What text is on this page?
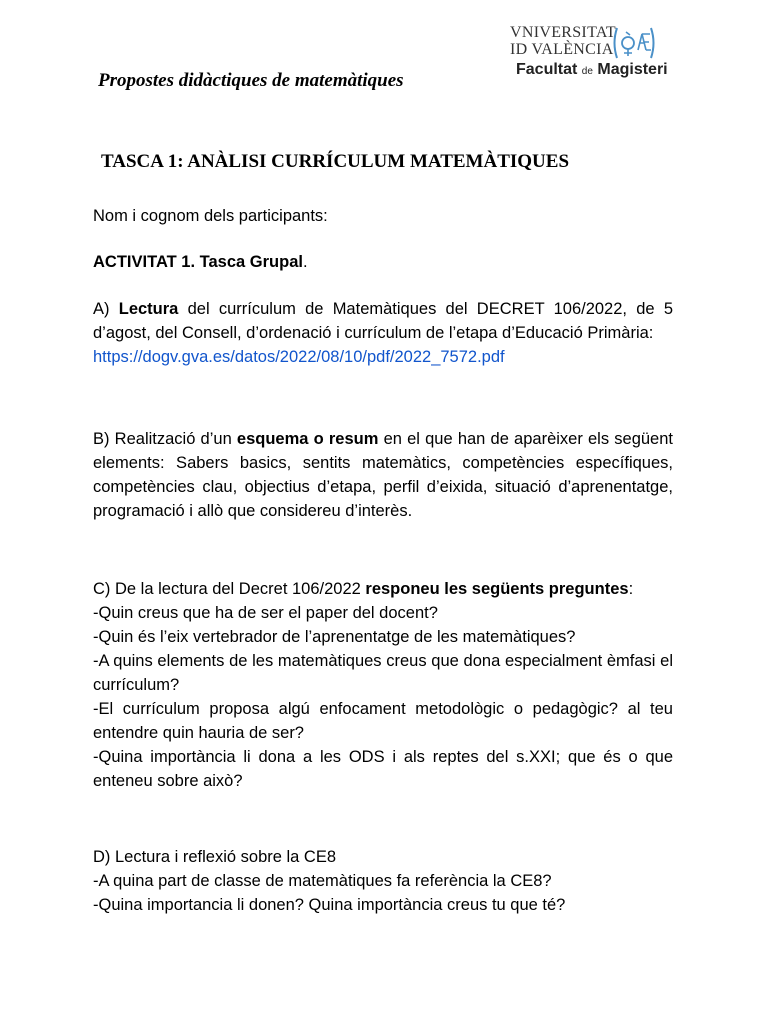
VNIVERSITAT
ID VALÈNCIA
Facultat de Magisteri
Propostes didàctiques de matemàtiques
TASCA 1: ANÀLISI CURRÍCULUM MATEMÀTIQUES
Nom i cognom dels participants:
ACTIVITAT 1. Tasca Grupal.
A) Lectura del currículum de Matemàtiques del DECRET 106/2022, de 5 d’agost, del Consell, d’ordenació i currículum de l’etapa d’Educació Primària:
https://dogv.gva.es/datos/2022/08/10/pdf/2022_7572.pdf
B) Realització d’un esquema o resum en el que han de aparèixer els següent elements: Sabers basics, sentits matemàtics, competències específiques, competències clau, objectius d’etapa, perfil d’eixida, situació d’aprenentatge, programació i allò que considereu d’interès.
C) De la lectura del Decret 106/2022 responeu les següents preguntes:
-Quin creus que ha de ser el paper del docent?
-Quin és l’eix vertebrador de l’aprenentatge de les matemàtiques?
-A quins elements de les matemàtiques creus que dona especialment èmfasi el currículum?
-El currículum proposa algú enfocament metodològic o pedagògic? al teu entendre quin hauria de ser?
-Quina importància li dona a les ODS i als reptes del s.XXI; que és o que enteneu sobre això?
D) Lectura i reflexió sobre la CE8
-A quina part de classe de matemàtiques fa referència la CE8?
-Quina importancia li donen? Quina importància creus tu que té?
